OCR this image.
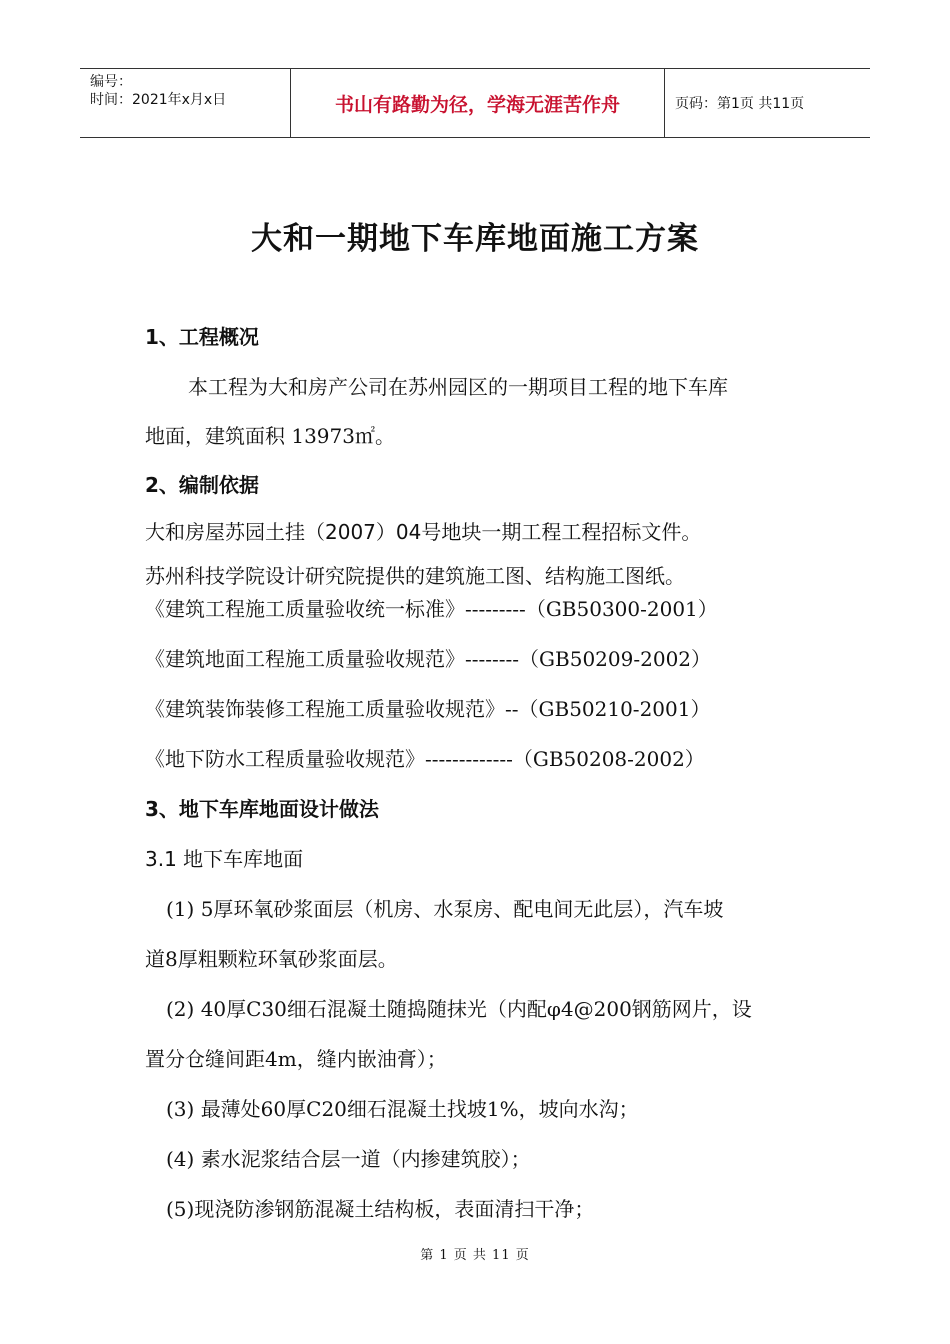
编号：
时间：2021年x月x日	书山有路勤为径，学海无涯苦作舟	页码：第1页 共11页
大和一期地下车库地面施工方案
1、工程概况
本工程为大和房产公司在苏州园区的一期项目工程的地下车库
地面，建筑面积 13973㎡。
2、编制依据
大和房屋苏园土挂（2007）04号地块一期工程工程招标文件。
苏州科技学院设计研究院提供的建筑施工图、结构施工图纸。
《建筑工程施工质量验收统一标准》---------（GB50300-2001）
《建筑地面工程施工质量验收规范》--------（GB50209-2002）
《建筑装饰装修工程施工质量验收规范》--（GB50210-2001）
《地下防水工程质量验收规范》-------------（GB50208-2002）
3、地下车库地面设计做法
3.1 地下车库地面
(1) 5厚环氧砂浆面层（机房、水泵房、配电间无此层），汽车坡
道8厚粗颗粒环氧砂浆面层。
(2) 40厚C30细石混凝土随捣随抹光（内配φ4@200钢筋网片，设
置分仓缝间距4m，缝内嵌油膏）；
(3) 最薄处60厚C20细石混凝土找坡1%，坡向水沟；
(4) 素水泥浆结合层一道（内掺建筑胶）；
(5)现浇防渗钢筋混凝土结构板，表面清扫干净；
第 1 页 共 11 页
